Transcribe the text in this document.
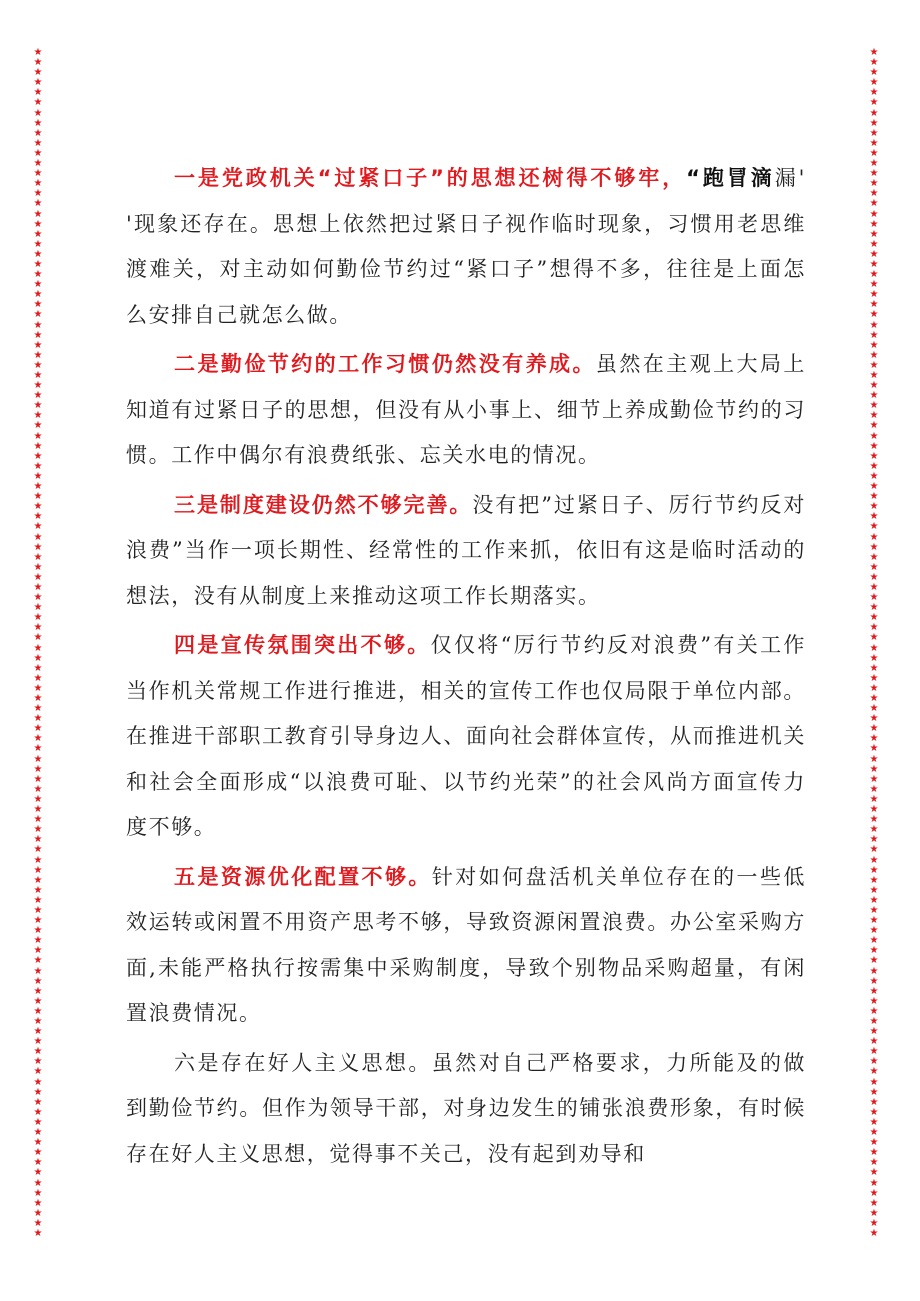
★★★★★★★★★★★★★★★★★★★★★★★★★★★★★★★★★★★★★★★★★★★★★★★★★★★★★★★★★★★★★★★★★★★★★★★★★★★★★★★★★★★★★★★★★★★★★★★★★★★★★★★★★★★★★★★★★★★★★★
★★★★★★★★★★★★★★★★★★★★★★★★★★★★★★★★★★★★★★★★★★★★★★★★★★★★★★★★★★★★★★★★★★★★★★★★★★★★★★★★★★★★★★★★★★★★★★★★★★★★★★★★★★★★★★★★★★★★★★

一是党政机关“过紧口子”的思想还树得不够牢，“跑冒滴漏' '现象还存在。思想上依然把过紧日子视作临时现象，习惯用老思维渡难关，对主动如何勤俭节约过“紧口子”想得不多，往往是上面怎么安排自己就怎么做。

二是勤俭节约的工作习惯仍然没有养成。虽然在主观上大局上知道有过紧日子的思想，但没有从小事上、细节上养成勤俭节约的习惯。工作中偶尔有浪费纸张、忘关水电的情况。

三是制度建设仍然不够完善。没有把”过紧日子、厉行节约反对浪费”当作一项长期性、经常性的工作来抓，依旧有这是临时活动的想法，没有从制度上来推动这项工作长期落实。

四是宣传氛围突出不够。仅仅将“厉行节约反对浪费”有关工作当作机关常规工作进行推进，相关的宣传工作也仅局限于单位内部。在推进干部职工教育引导身边人、面向社会群体宣传，从而推进机关和社会全面形成“以浪费可耻、以节约光荣”的社会风尚方面宣传力度不够。

五是资源优化配置不够。针对如何盘活机关单位存在的一些低效运转或闲置不用资产思考不够，导致资源闲置浪费。办公室采购方面,未能严格执行按需集中采购制度，导致个别物品采购超量，有闲置浪费情况。

六是存在好人主义思想。虽然对自己严格要求，力所能及的做到勤俭节约。但作为领导干部，对身边发生的铺张浪费形象，有时候存在好人主义思想，觉得事不关己，没有起到劝导和
